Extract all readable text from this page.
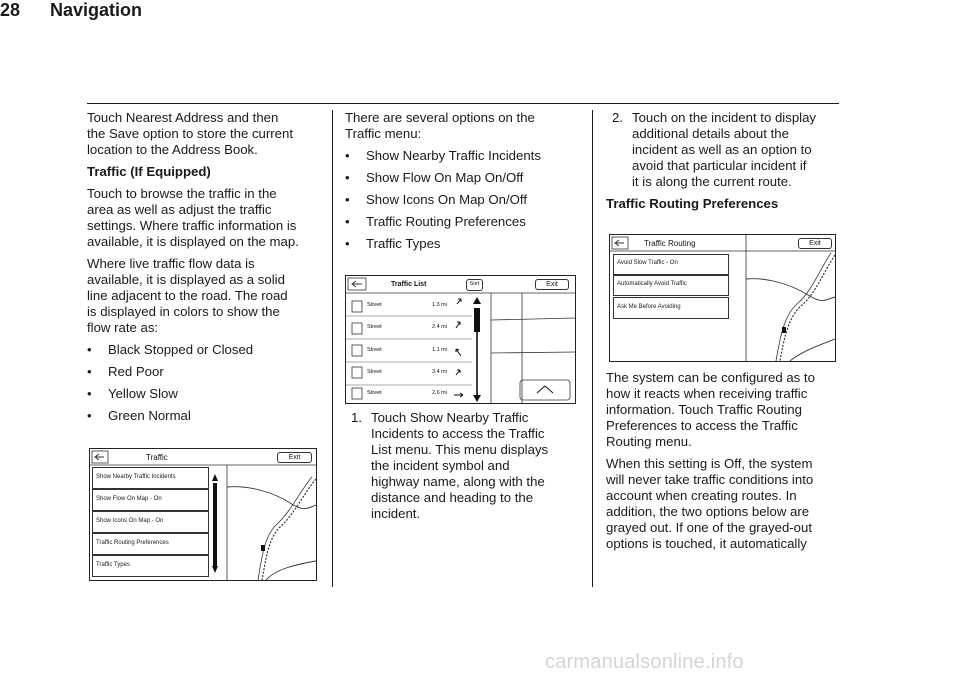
28 Navigation

Touch Nearest Address and then
the Save option to store the current
location to the Address Book.

Traffic (If Equipped)

Touch to browse the traffic in the
area as well as adjust the traffic
settings. Where traffic information is
available, it is displayed on the map.

Where live traffic flow data is
available, it is displayed as a solid
line adjacent to the road. The road
is displayed in colors to show the
flow rate as:

• Black Stopped or Closed
• Red Poor
• Yellow Slow
• Green Normal
Traffic	Exit
Show Nearby Traffic Incidents
Show Flow On Map - On
Show Icons On Map - On
Traffic Routing Preferences
Traffic Types

There are several options on the
Traffic menu:

• Show Nearby Traffic Incidents
• Show Flow On Map On/Off
• Show Icons On Map On/Off
• Traffic Routing Preferences
• Traffic Types
Traffic List	Sort	Exit
Street	1.3 mi
Street	2.4 mi
Street	1.1 mi
Street	3.4 mi
Street	2.6 mi
1. Touch Show Nearby Traffic
Incidents to access the Traffic
List menu. This menu displays
the incident symbol and
highway name, along with the
distance and heading to the
incident.
2. Touch on the incident to display
additional details about the
incident as well as an option to
avoid that particular incident if
it is along the current route.

Traffic Routing Preferences

Traffic Routing	Exit
Avoid Slow Traffic - On
Automatically Avoid Traffic
Ask Me Before Avoiding

The system can be configured as to
how it reacts when receiving traffic
information. Touch Traffic Routing
Preferences to access the Traffic
Routing menu.

When this setting is Off, the system
will never take traffic conditions into
account when creating routes. In
addition, the two options below are
grayed out. If one of the grayed-out
options is touched, it automatically

carmanualsonline.info
